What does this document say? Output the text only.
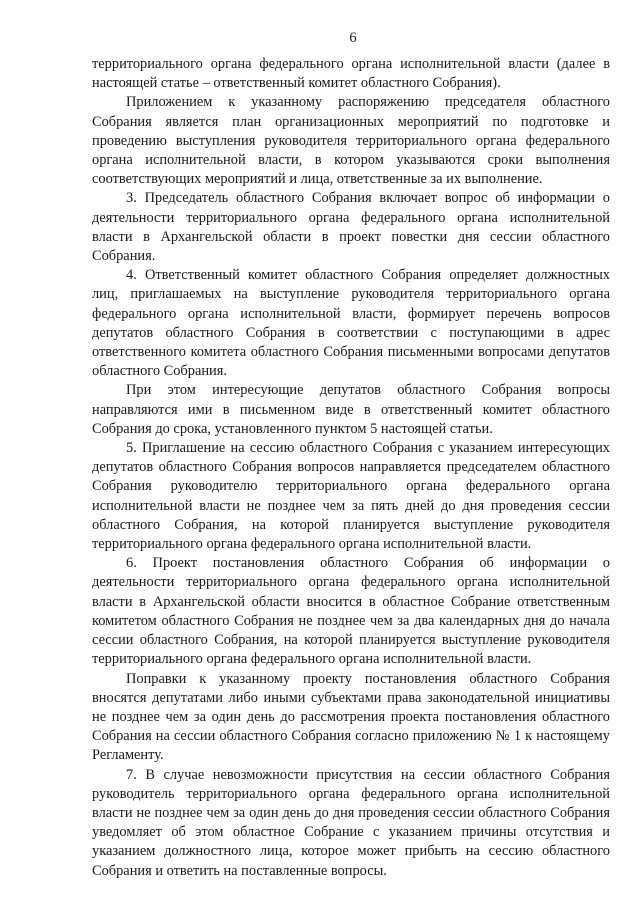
6

территориального органа федерального органа исполнительной власти (далее в настоящей статье – ответственный комитет областного Собрания).

Приложением к указанному распоряжению председателя областного Собрания является план организационных мероприятий по подготовке и проведению выступления руководителя территориального органа федерального органа исполнительной власти, в котором указываются сроки выполнения соответствующих мероприятий и лица, ответственные за их выполнение.

3. Председатель областного Собрания включает вопрос об информации о деятельности территориального органа федерального органа исполнительной власти в Архангельской области в проект повестки дня сессии областного Собрания.

4. Ответственный комитет областного Собрания определяет должностных лиц, приглашаемых на выступление руководителя территориального органа федерального органа исполнительной власти, формирует перечень вопросов депутатов областного Собрания в соответствии с поступающими в адрес ответственного комитета областного Собрания письменными вопросами депутатов областного Собрания.

При этом интересующие депутатов областного Собрания вопросы направляются ими в письменном виде в ответственный комитет областного Собрания до срока, установленного пунктом 5 настоящей статьи.

5. Приглашение на сессию областного Собрания с указанием интересующих депутатов областного Собрания вопросов направляется председателем областного Собрания руководителю территориального органа федерального органа исполнительной власти не позднее чем за пять дней до дня проведения сессии областного Собрания, на которой планируется выступление руководителя территориального органа федерального органа исполнительной власти.

6. Проект постановления областного Собрания об информации о деятельности территориального органа федерального органа исполнительной власти в Архангельской области вносится в областное Собрание ответственным комитетом областного Собрания не позднее чем за два календарных дня до начала сессии областного Собрания, на которой планируется выступление руководителя территориального органа федерального органа исполнительной власти.

Поправки к указанному проекту постановления областного Собрания вносятся депутатами либо иными субъектами права законодательной инициативы не позднее чем за один день до рассмотрения проекта постановления областного Собрания на сессии областного Собрания согласно приложению № 1 к настоящему Регламенту.

7. В случае невозможности присутствия на сессии областного Собрания руководитель территориального органа федерального органа исполнительной власти не позднее чем за один день до дня проведения сессии областного Собрания уведомляет об этом областное Собрание с указанием причины отсутствия и указанием должностного лица, которое может прибыть на сессию областного Собрания и ответить на поставленные вопросы.
